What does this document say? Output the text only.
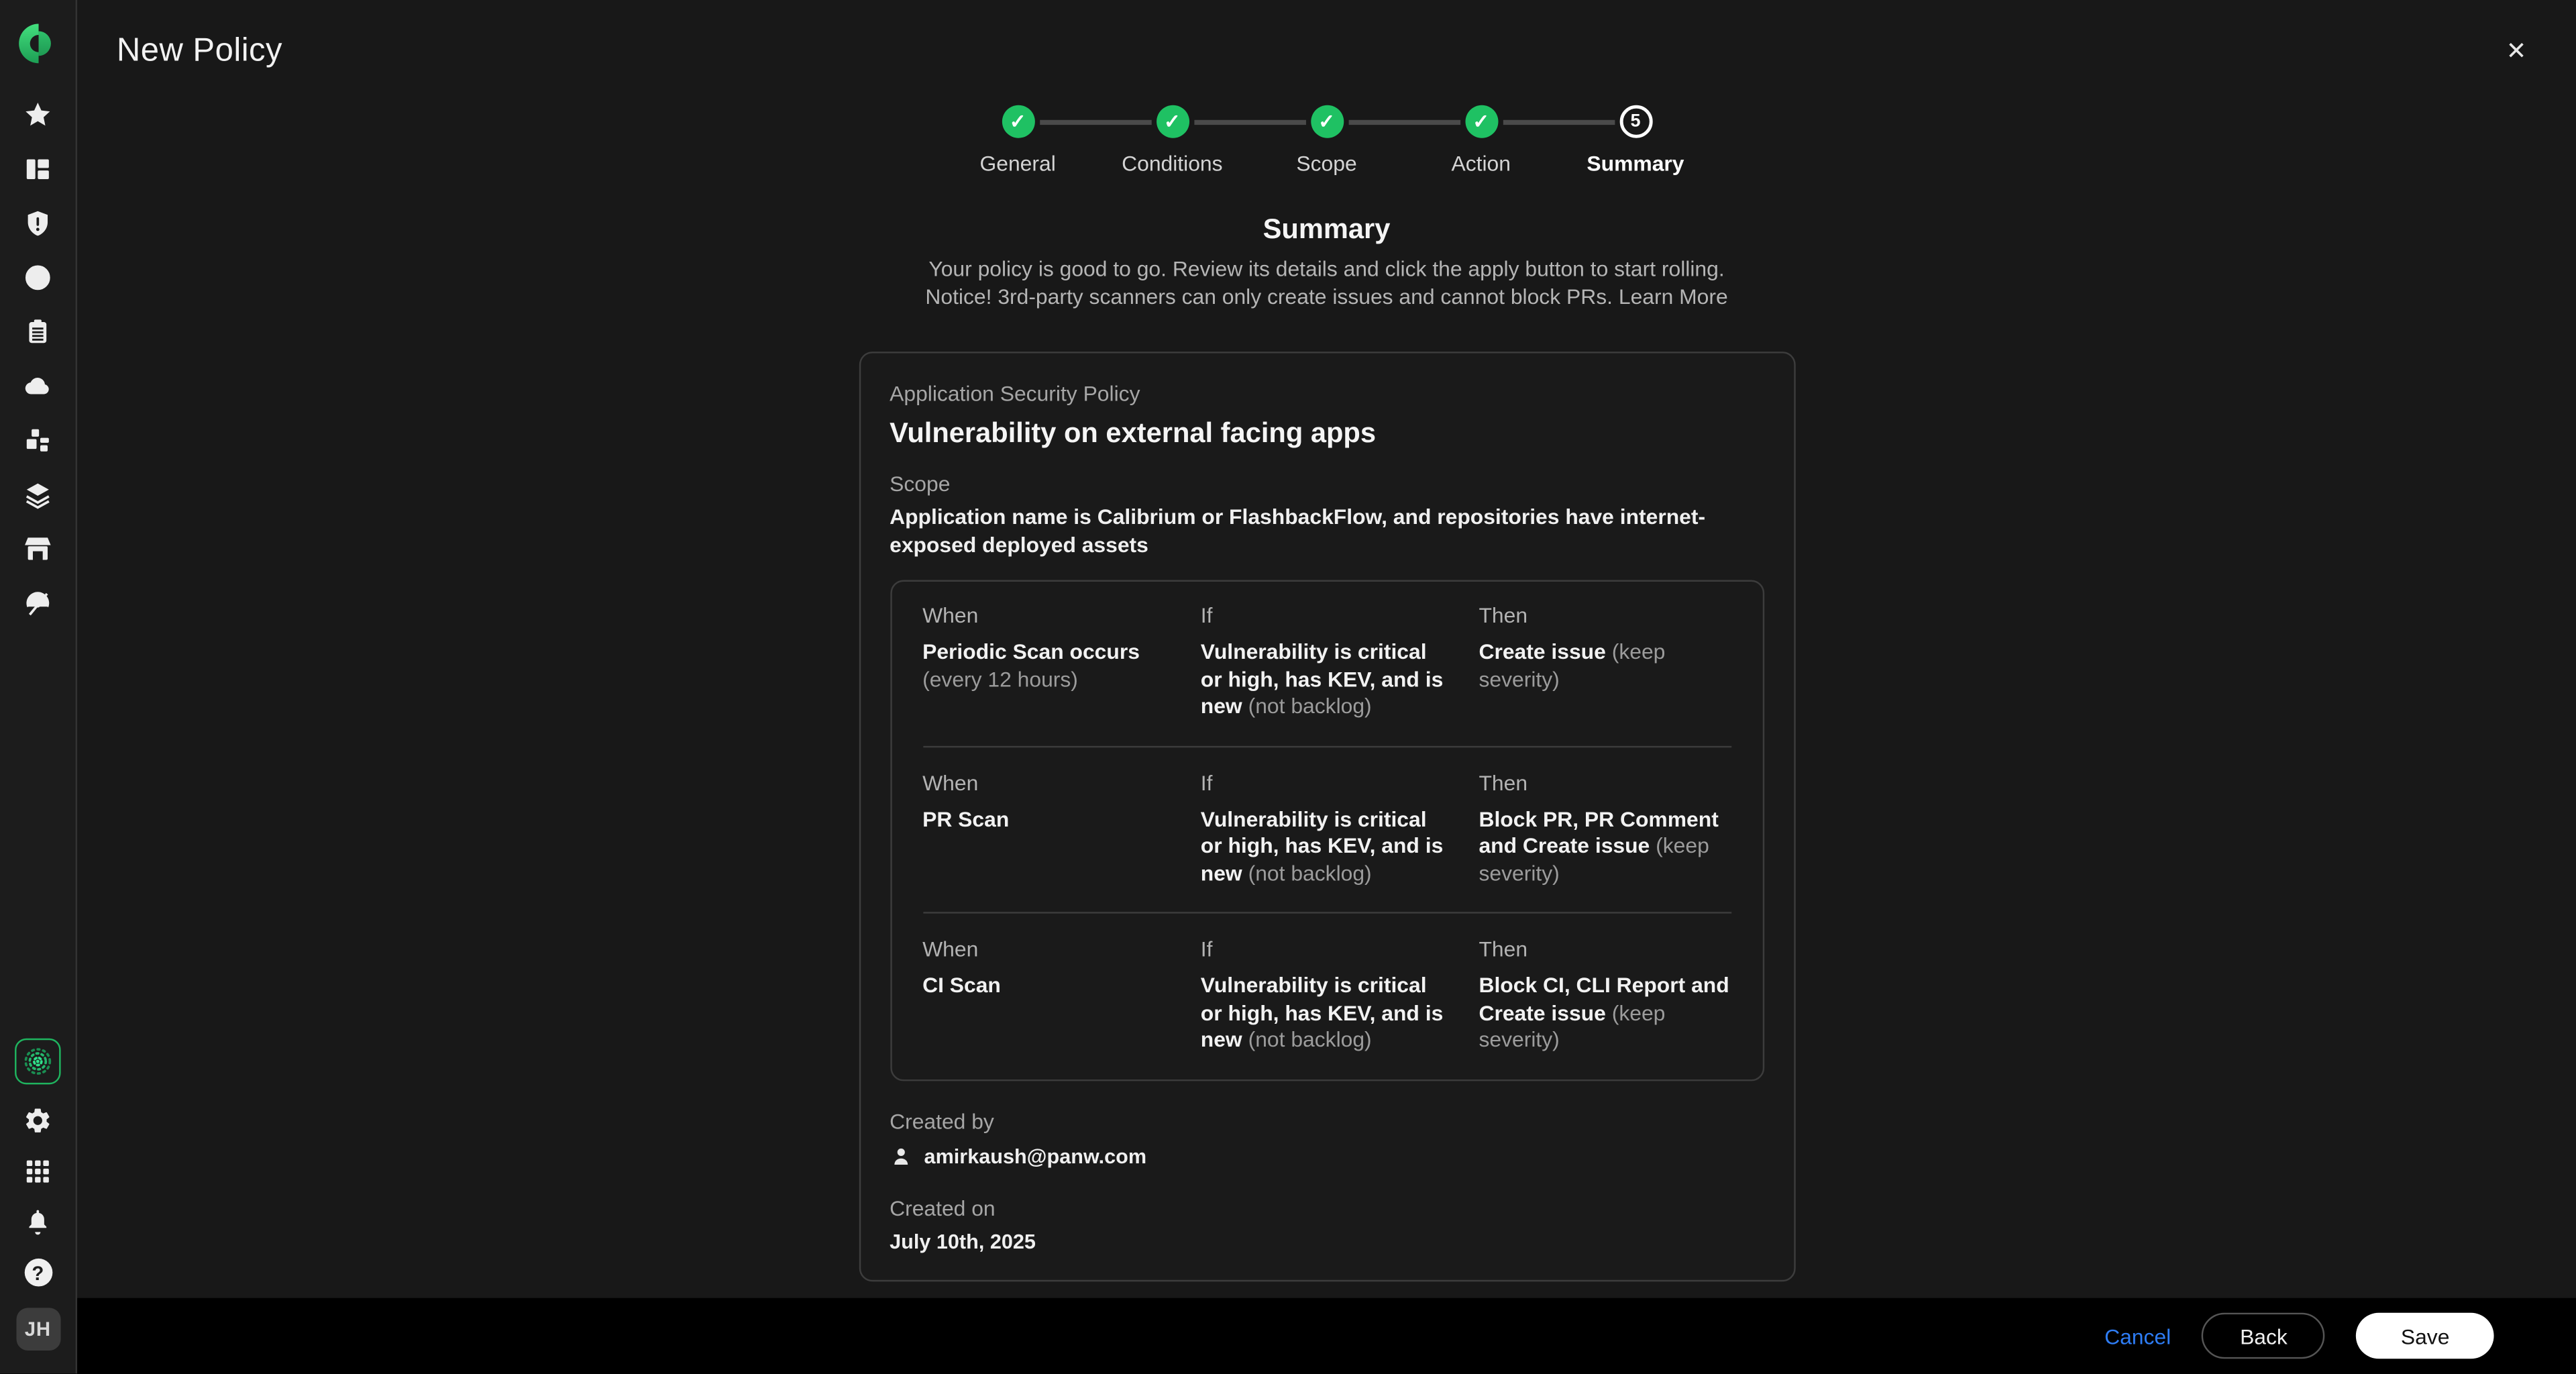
?
JH
New Policy	✕
✓
General
✓
Conditions
✓
Scope
✓
Action
5
Summary
Summary

Your policy is good to go. Review its details and click the apply button to start rolling.
Notice! 3rd-party scanners can only create issues and cannot block PRs. Learn More

Application Security Policy
Vulnerability on external facing apps
Scope
Application name is Calibrium or FlashbackFlow, and repositories have internet-exposed deployed assets
When
Periodic Scan occurs (every 12 hours)
If
Vulnerability is critical or high, has KEV, and is new (not backlog)
Then
Create issue (keep severity)
When
PR Scan
If
Vulnerability is critical or high, has KEV, and is new (not backlog)
Then
Block PR, PR Comment and Create issue (keep severity)
When
CI Scan
If
Vulnerability is critical or high, has KEV, and is new (not backlog)
Then
Block CI, CLI Report and Create issue (keep severity)
Created by
amirkaush@panw.com
Created on
July 10th, 2025
Cancel	Back	Save
